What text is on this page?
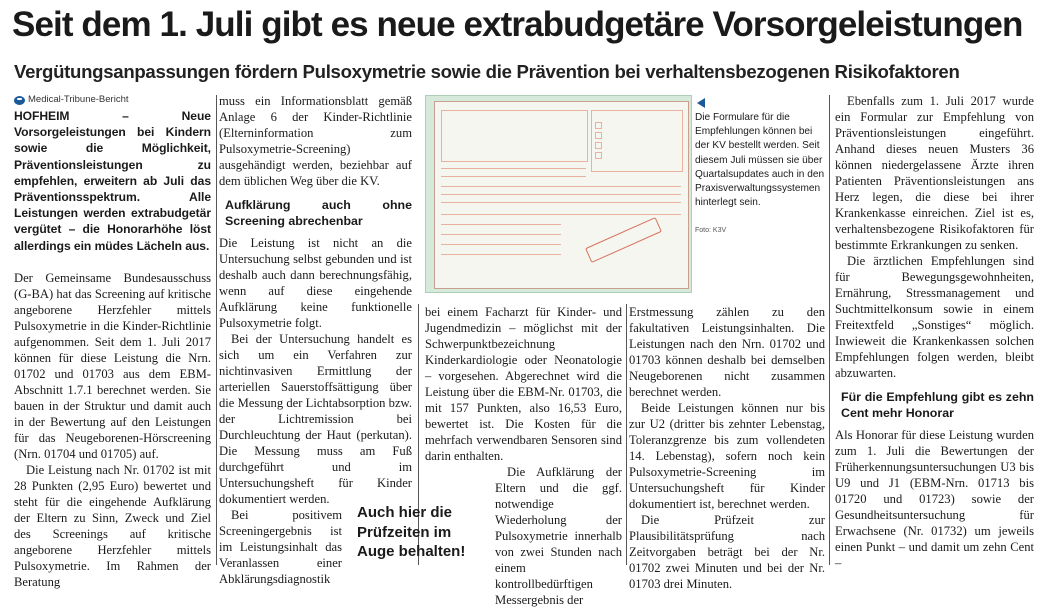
Seit dem 1. Juli gibt es neue extrabudgetäre Vorsorgeleistungen
Vergütungsanpassungen fördern Pulsoxymetrie sowie die Prävention bei verhaltensbezogenen Risikofaktoren
Medical-Tribune-Bericht

HOFHEIM – Neue Vorsorgeleistungen bei Kindern sowie die Möglichkeit, Präventionsleistungen zu empfehlen, erweitern ab Juli das Präventionsspektrum. Alle Leistungen werden extrabudgetär vergütet – die Honorarhöhe löst allerdings ein müdes Lächeln aus.

Der Gemeinsame Bundesausschuss (G-BA) hat das Screening auf kritische angeborene Herzfehler mittels Pulsoxymetrie in die Kinder-Richtlinie aufgenommen. Seit dem 1. Juli 2017 können für diese Leistung die Nrn. 01702 und 01703 aus dem EBM-Abschnitt 1.7.1 berechnet werden. Sie bauen in der Struktur und damit auch in der Bewertung auf den Leistungen für das Neugeborenen-Hörscreening (Nrn. 01704 und 01705) auf.

Die Leistung nach Nr. 01702 ist mit 28 Punkten (2,95 Euro) bewertet und steht für die eingehende Aufklärung der Eltern zu Sinn, Zweck und Ziel des Screenings auf kritische angeborene Herzfehler mittels Pulsoxymetrie. Im Rahmen der Beratung

muss ein Informationsblatt gemäß Anlage 6 der Kinder-Richtlinie (Elterninformation zum Pulsoxymetrie-Screening) ausgehändigt werden, beziehbar auf dem üblichen Weg über die KV.

Aufklärung auch ohne Screening abrechenbar

Die Leistung ist nicht an die Untersuchung selbst gebunden und ist deshalb auch dann berechnungsfähig, wenn auf diese eingehende Aufklärung keine funktionelle Pulsoxymetrie folgt.

Bei der Untersuchung handelt es sich um ein Verfahren zur nichtinvasiven Ermittlung der arteriellen Sauerstoffsättigung über die Messung der Lichtabsorption bzw. der Lichtremission bei Durchleuchtung der Haut (perkutan). Die Messung muss am Fuß durchgeführt und im Untersuchungsheft für Kinder dokumentiert werden.

Bei positivem Screeningergebnis ist im Leistungsinhalt das Veranlassen einer Abklärungsdiagnostik

Die Formulare für die Empfehlungen können bei der KV bestellt werden. Seit diesem Juli müssen sie über Quartalsupdates auch in den Praxisverwaltungssystemen hinterlegt sein.

Foto: K3V

bei einem Facharzt für Kinder- und Jugendmedizin – möglichst mit der Schwerpunktbezeichnung Kinderkardiologie oder Neonatologie – vorgesehen. Abgerechnet wird die Leistung über die EBM-Nr. 01703, die mit 157 Punkten, also 16,53 Euro, bewertet ist. Die Kosten für die mehrfach verwendbaren Sensoren sind darin enthalten.

Die Aufklärung der Eltern und die ggf. notwendige Wiederholung der Pulsoxymetrie innerhalb von zwei Stunden nach einem kontrollbedürftigen Messergebnis der

Erstmessung zählen zu den fakultativen Leistungsinhalten. Die Leistungen nach den Nrn. 01702 und 01703 können deshalb bei demselben Neugeborenen nicht zusammen berechnet werden.

Beide Leistungen können nur bis zur U2 (dritter bis zehnter Lebenstag, Toleranzgrenze bis zum vollendeten 14. Lebenstag), sofern noch kein Pulsoxymetrie-Screening im Untersuchungsheft für Kinder dokumentiert ist, berechnet werden.

Die Prüfzeit zur Plausibilitätsprüfung nach Zeitvorgaben beträgt bei der Nr. 01702 zwei Minuten und bei der Nr. 01703 drei Minuten.

Ebenfalls zum 1. Juli 2017 wurde ein Formular zur Empfehlung von Präventionsleistungen eingeführt. Anhand dieses neuen Musters 36 können niedergelassene Ärzte ihren Patienten Präventionsleistungen ans Herz legen, die diese bei ihrer Krankenkasse einreichen. Ziel ist es, verhaltensbezogene Risikofaktoren für bestimmte Erkrankungen zu senken.

Die ärztlichen Empfehlungen sind für Bewegungsgewohnheiten, Ernährung, Stressmanagement und Suchtmittelkonsum sowie in einem Freitextfeld „Sonstiges“ möglich. Inwieweit die Krankenkassen solchen Empfehlungen folgen werden, bleibt abzuwarten.

Für die Empfehlung gibt es zehn Cent mehr Honorar

Als Honorar für diese Leistung wurden zum 1. Juli die Bewertungen der Früherkennungsuntersuchungen U3 bis U9 und J1 (EBM-Nrn. 01713 bis 01720 und 01723) sowie der Gesundheitsuntersuchung für Erwachsene (Nr. 01732) um jeweils einen Punkt – und damit um zehn Cent –

Auch hier die Prüfzeiten im Auge behalten!
